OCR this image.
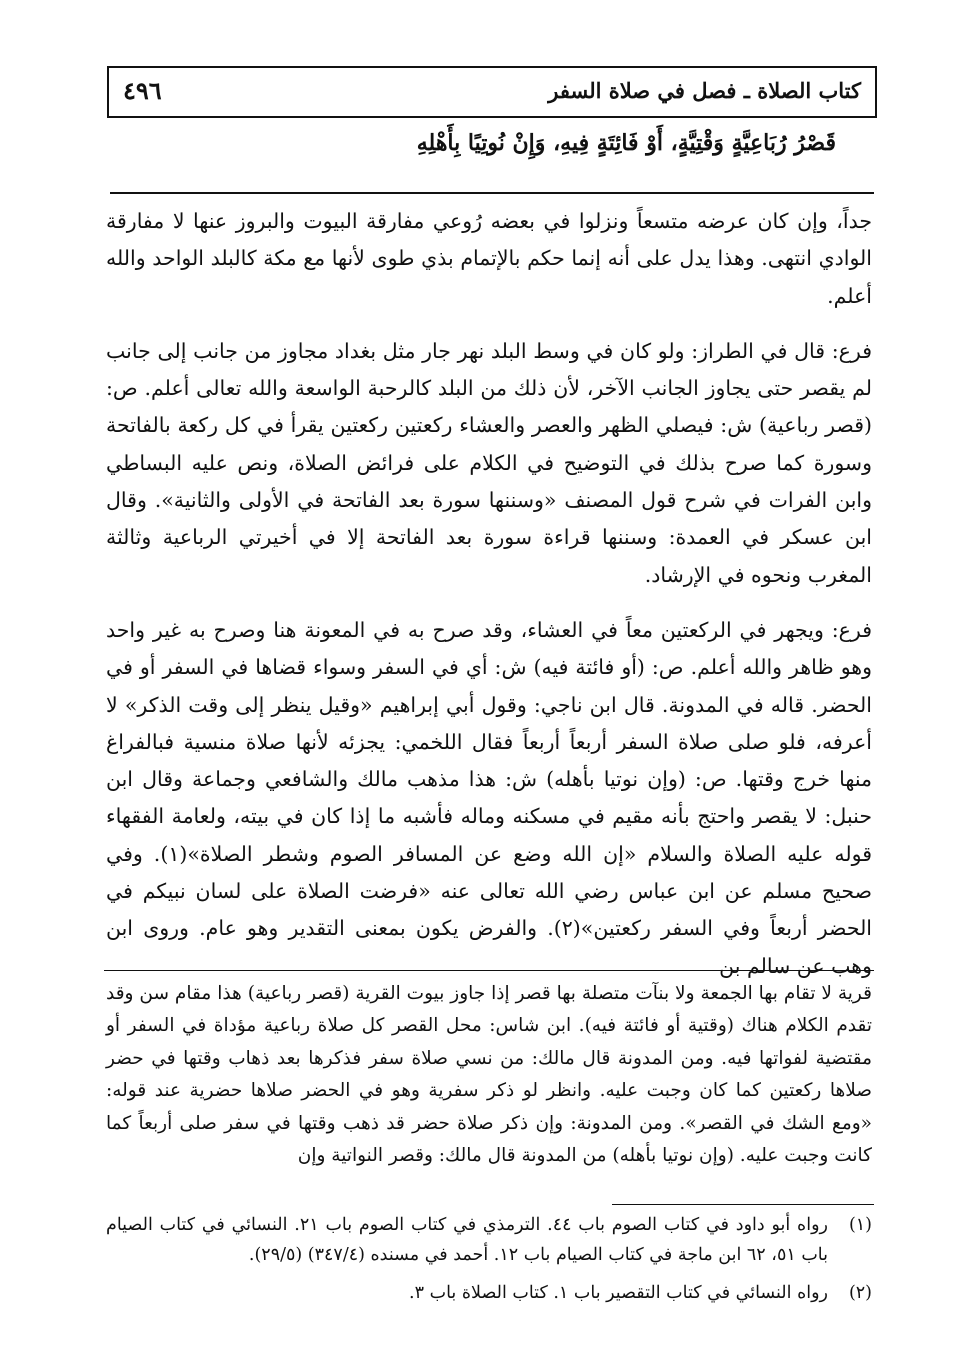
كتاب الصلاة ـ فصل في صلاة السفر
٤٩٦
قَصْرُ رُبَاعِيَّةٍ وَقْتِيَّةٍ، أَوْ فَائِتَةٍ فِيهِ، وَإِنْ نُوتِيًا بِأَهْلِهِ

جداً، وإن كان عرضه متسعاً ونزلوا في بعضه رُوعي مفارقة البيوت والبروز عنها لا مفارقة الوادي انتهى. وهذا يدل على أنه إنما حكم بالإتمام بذي طوى لأنها مع مكة كالبلد الواحد والله أعلم.

فرع: قال في الطراز: ولو كان في وسط البلد نهر جار مثل بغداد مجاوز من جانب إلى جانب لم يقصر حتى يجاوز الجانب الآخر، لأن ذلك من البلد كالرحبة الواسعة والله تعالى أعلم. ص: (قصر رباعية) ش: فيصلي الظهر والعصر والعشاء ركعتين ركعتين يقرأ في كل ركعة بالفاتحة وسورة كما صرح بذلك في التوضيح في الكلام على فرائض الصلاة، ونص عليه البساطي وابن الفرات في شرح قول المصنف «وسننها سورة بعد الفاتحة في الأولى والثانية». وقال ابن عسكر في العمدة: وسننها قراءة سورة بعد الفاتحة إلا في أخيرتي الرباعية وثالثة المغرب ونحوه في الإرشاد.

فرع: ويجهر في الركعتين معاً في العشاء، وقد صرح به في المعونة هنا وصرح به غير واحد وهو ظاهر والله أعلم. ص: (أو فائتة فيه) ش: أي في السفر وسواء قضاها في السفر أو في الحضر. قاله في المدونة. قال ابن ناجي: وقول أبي إبراهيم «وقيل ينظر إلى وقت الذكر» لا أعرفه، فلو صلى صلاة السفر أربعاً أربعاً فقال اللخمي: يجزئه لأنها صلاة منسية فبالفراغ منها خرج وقتها. ص: (وإن نوتيا بأهله) ش: هذا مذهب مالك والشافعي وجماعة وقال ابن حنبل: لا يقصر واحتج بأنه مقيم في مسكنه وماله فأشبه ما إذا كان في بيته، ولعامة الفقهاء قوله عليه الصلاة والسلام «إن الله وضع عن المسافر الصوم وشطر الصلاة»(١). وفي صحيح مسلم عن ابن عباس رضي الله تعالى عنه «فرضت الصلاة على لسان نبيكم في الحضر أربعاً وفي السفر ركعتين»(٢). والفرض يكون بمعنى التقدير وهو عام. وروى ابن وهب عن سالم بن

قرية لا تقام بها الجمعة ولا بنآت متصلة بها قصر إذا جاوز بيوت القرية (قصر رباعية) هذا مقام سن وقد تقدم الكلام هناك (وقتية أو فائتة فيه). ابن شاس: محل القصر كل صلاة رباعية مؤداة في السفر أو مقتضية لفواتها فيه. ومن المدونة قال مالك: من نسي صلاة سفر فذكرها بعد ذهاب وقتها في حضر صلاها ركعتين كما كان وجبت عليه. وانظر لو ذكر سفرية وهو في الحضر صلاها حضرية عند قوله: «ومع الشك في القصر». ومن المدونة: وإن ذكر صلاة حضر قد ذهب وقتها في سفر صلى أربعاً كما كانت وجبت عليه. (وإن نوتيا بأهله) من المدونة قال مالك: وقصر النواتية وإن

(١)
رواه أبو داود في كتاب الصوم باب ٤٤. الترمذي في كتاب الصوم باب ٢١. النسائي في كتاب الصيام باب ٥١، ٦٢ ابن ماجة في كتاب الصيام باب ١٢. أحمد في مسنده (٣٤٧/٤) (٢٩/٥).
(٢)
رواه النسائي في كتاب التقصير باب ١. كتاب الصلاة باب ٣.
